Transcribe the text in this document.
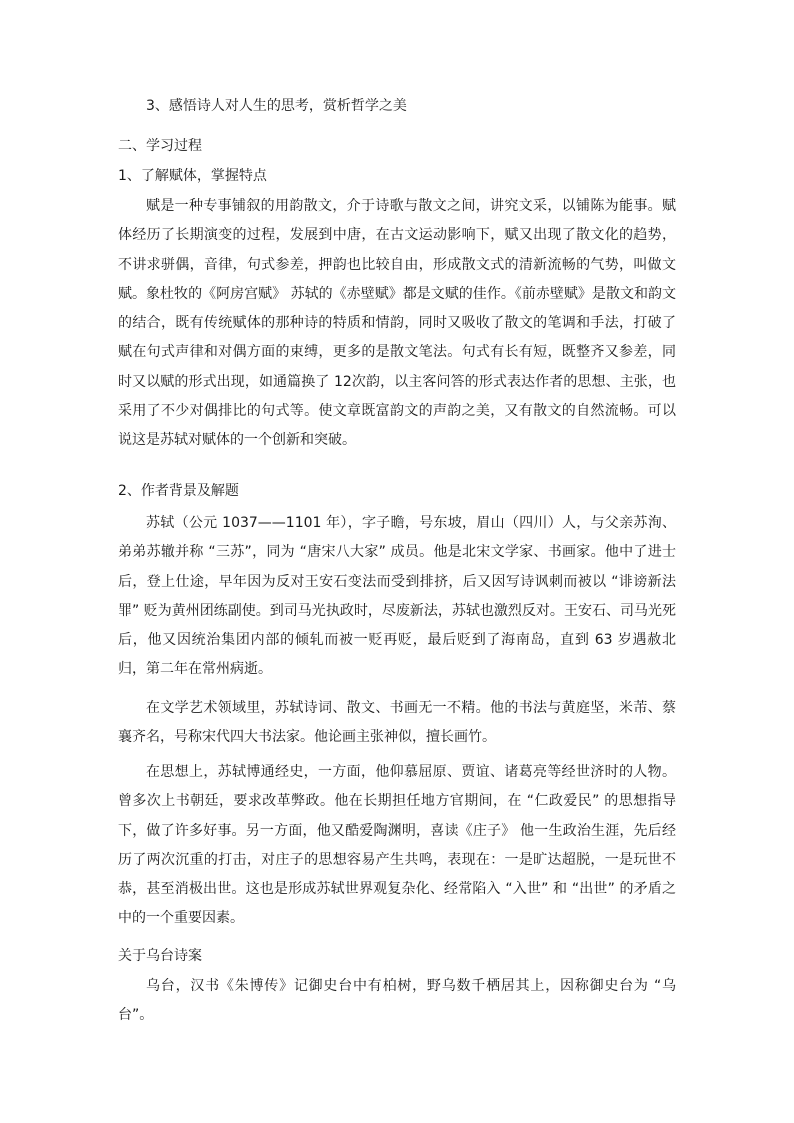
3、感悟诗人对人生的思考，赏析哲学之美
二、学习过程
1、了解赋体，掌握特点

赋是一种专事铺叙的用韵散文，介于诗歌与散文之间，讲究文采，以铺陈为能事。赋体经历了长期演变的过程，发展到中唐，在古文运动影响下，赋又出现了散文化的趋势，不讲求骈偶，音律，句式参差，押韵也比较自由，形成散文式的清新流畅的气势，叫做文赋。象杜牧的《阿房宫赋》 苏轼的《赤壁赋》都是文赋的佳作。《前赤壁赋》是散文和韵文的结合，既有传统赋体的那种诗的特质和情韵，同时又吸收了散文的笔调和手法，打破了赋在句式声律和对偶方面的束缚，更多的是散文笔法。句式有长有短，既整齐又参差，同时又以赋的形式出现，如通篇换了 12次韵，以主客问答的形式表达作者的思想、主张，也采用了不少对偶排比的句式等。使文章既富韵文的声韵之美，又有散文的自然流畅。可以说这是苏轼对赋体的一个创新和突破。

2、作者背景及解题

苏轼（公元 1037——1101 年），字子瞻，号东坡，眉山（四川）人，与父亲苏洵、弟弟苏辙并称 “三苏”，同为 “唐宋八大家” 成员。他是北宋文学家、书画家。他中了进士后，登上仕途，早年因为反对王安石变法而受到排挤，后又因写诗讽刺而被以 “诽谤新法罪” 贬为黄州团练副使。到司马光执政时，尽废新法，苏轼也激烈反对。王安石、司马光死后，他又因统治集团内部的倾轧而被一贬再贬，最后贬到了海南岛，直到 63 岁遇赦北归，第二年在常州病逝。

在文学艺术领域里，苏轼诗词、散文、书画无一不精。他的书法与黄庭坚，米芾、蔡襄齐名，号称宋代四大书法家。他论画主张神似，擅长画竹。

在思想上，苏轼博通经史，一方面，他仰慕屈原、贾谊、诸葛亮等经世济时的人物。曾多次上书朝廷，要求改革弊政。他在长期担任地方官期间，在 “仁政爱民” 的思想指导下，做了许多好事。另一方面，他又酷爱陶渊明，喜读《庄子》 他一生政治生涯，先后经历了两次沉重的打击，对庄子的思想容易产生共鸣，表现在：一是旷达超脱，一是玩世不恭，甚至消极出世。这也是形成苏轼世界观复杂化、经常陷入 “入世” 和 “出世” 的矛盾之中的一个重要因素。

关于乌台诗案

乌台，汉书《朱博传》记御史台中有柏树，野乌数千栖居其上，因称御史台为 “乌台”。
